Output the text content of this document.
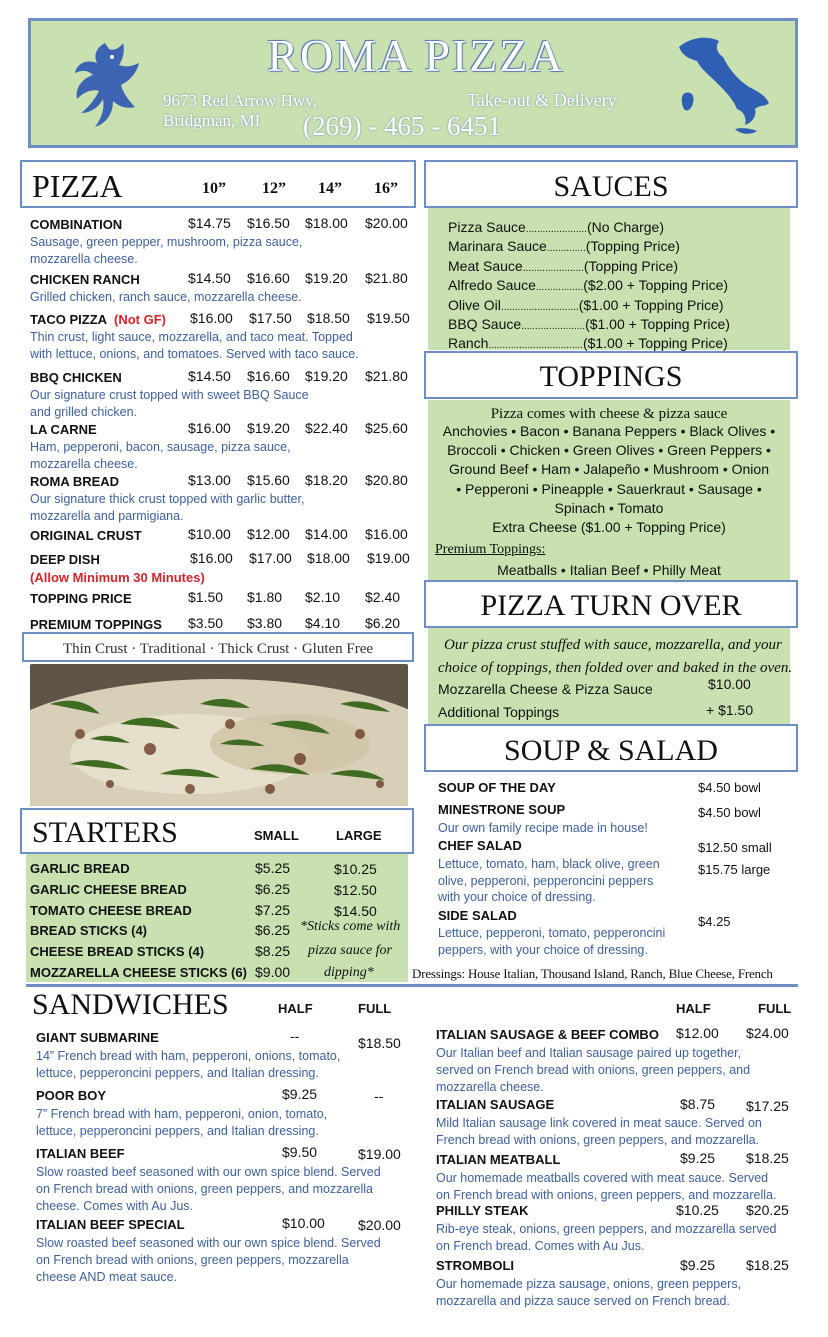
ROMA PIZZA
9673 Red Arrow Hwy,
Bridgman, MI
Take-out & Delivery
(269) - 465 - 6451
PIZZA	10” 12” 14” 16”
COMBINATION	$14.75 $16.50 $18.00 $20.00
Sausage, green pepper, mushroom, pizza sauce,
mozzarella cheese.
CHICKEN RANCH	$14.50 $16.60 $19.20 $21.80
Grilled chicken, ranch sauce, mozzarella cheese.
TACO PIZZA (Not GF) $16.00 $17.50 $18.50 $19.50
Thin crust, light sauce, mozzarella, and taco meat. Topped
with lettuce, onions, and tomatoes. Served with taco sauce.
BBQ CHICKEN	$14.50 $16.60 $19.20 $21.80
Our signature crust topped with sweet BBQ Sauce
and grilled chicken.
LA CARNE	$16.00 $19.20 $22.40 $25.60
Ham, pepperoni, bacon, sausage, pizza sauce,
mozzarella cheese.
ROMA BREAD	$13.00 $15.60 $18.20 $20.80
Our signature thick crust topped with garlic butter,
mozzarella and parmigiana.
ORIGINAL CRUST	$10.00 $12.00 $14.00 $16.00
DEEP DISH	$16.00 $17.00 $18.00 $19.00
TOPPING PRICE	$1.50 $1.80 $2.10 $2.40
PREMIUM TOPPINGS $3.50 $3.80 $4.10 $6.20
(Allow Minimum 30 Minutes)
Thin Crust · Traditional · Thick Crust · Gluten Free
SAUCES
Pizza Sauce......................(No Charge)
Marinara Sauce..............(Topping Price)
Meat Sauce......................(Topping Price)
Alfredo Sauce.................($2.00 + Topping Price)
Olive Oil............................($1.00 + Topping Price)
BBQ Sauce.......................($1.00 + Topping Price)
Ranch..................................($1.00 + Topping Price)
TOPPINGS
Pizza comes with cheese & pizza sauce
Anchovies • Bacon • Banana Peppers • Black Olives •
Broccoli • Chicken • Green Olives • Green Peppers •
Ground Beef • Ham • Jalapeño • Mushroom • Onion
• Pepperoni • Pineapple • Sauerkraut • Sausage •
Spinach • Tomato
Extra Cheese ($1.00 + Topping Price)
Premium Toppings:
Meatballs • Italian Beef • Philly Meat
PIZZA TURN OVER
Our pizza crust stuffed with sauce, mozzarella, and your
choice of toppings, then folded over and baked in the oven.
Mozzarella Cheese & Pizza Sauce	$10.00
Additional Toppings	+ $1.50
SOUP & SALAD
SOUP OF THE DAY	$4.50 bowl
MINESTRONE SOUP	$4.50 bowl
Our own family recipe made in house!
CHEF SALAD	$12.50 small
$15.75 large
Lettuce, tomato, ham, black olive, green
olive, pepperoni, pepperoncini peppers
with your choice of dressing.
SIDE SALAD	$4.25
Lettuce, pepperoni, tomato, pepperoncini
peppers, with your choice of dressing.
Dressings: House Italian, Thousand Island, Ranch, Blue Cheese, French
STARTERS	SMALL	LARGE
GARLIC BREAD	$5.25	$10.25
GARLIC CHEESE BREAD	$6.25	$12.50
TOMATO CHEESE BREAD	$7.25	$14.50
BREAD STICKS (4)	$6.25
CHEESE BREAD STICKS (4)	$8.25
MOZZARELLA CHEESE STICKS (6) $9.00
*Sticks come with
pizza sauce for
dipping*
SANDWICHES	HALF	FULL	HALF	FULL
GIANT SUBMARINE	--	$18.50
14” French bread with ham, pepperoni, onions, tomato,
lettuce, pepperoncini peppers, and Italian dressing.
POOR BOY	$9.25	--
7” French bread with ham, pepperoni, onion, tomato,
lettuce, pepperoncini peppers, and Italian dressing.
ITALIAN BEEF	$9.50	$19.00
Slow roasted beef seasoned with our own spice blend. Served
on French bread with onions, green peppers, and mozzarella
cheese. Comes with Au Jus.
ITALIAN BEEF SPECIAL	$10.00 $20.00
Slow roasted beef seasoned with our own spice blend. Served
on French bread with onions, green peppers, mozzarella
cheese AND meat sauce.
ITALIAN SAUSAGE & BEEF COMBO $12.00 $24.00
Our Italian beef and Italian sausage paired up together,
served on French bread with onions, green peppers, and
mozzarella cheese.
ITALIAN SAUSAGE	$8.75 $17.25
Mild Italian sausage link covered in meat sauce. Served on
French bread with onions, green peppers, and mozzarella.
ITALIAN MEATBALL	$9.25 $18.25
Our homemade meatballs covered with meat sauce. Served
on French bread with onions, green peppers, and mozzarella.
PHILLY STEAK	$10.25 $20.25
Rib-eye steak, onions, green peppers, and mozzarella served
on French bread. Comes with Au Jus.
STROMBOLI	$9.25 $18.25
Our homemade pizza sausage, onions, green peppers,
mozzarella and pizza sauce served on French bread.
